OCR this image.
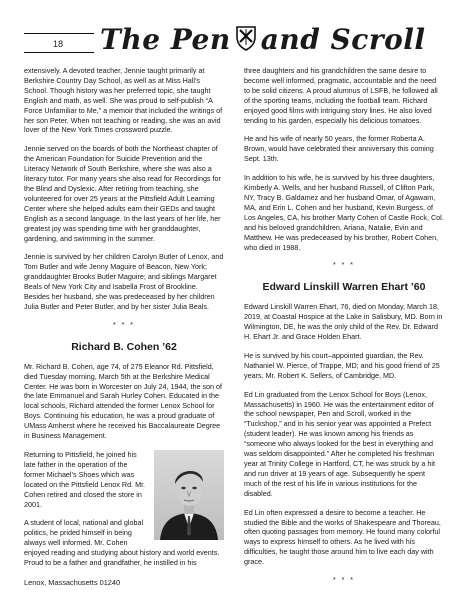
18	The Pen and Scroll

extensively. A devoted teacher, Jennie taught primarily at Berkshire Country Day School, as well as at Miss Hall’s School. Though history was her preferred topic, she taught English and math, as well. She was proud to self-publish “A Force Unfamiliar to Me,” a memoir that included the writings of her son Peter. When not teaching or reading, she was an avid lover of the New York Times crossword puzzle.

Jennie served on the boards of both the Northeast chapter of the American Foundation for Suicide Prevention and the Literacy Network of South Berkshire, where she was also a literacy tutor. For many years she also read for Recordings for the Blind and Dyslexic. After retiring from teaching, she volunteered for over 25 years at the Pittsfield Adult Learning Center where she helped adults earn their GEDs and taught English as a second language. In the last years of her life, her greatest joy was spending time with her granddaughter, gardening, and swimming in the summer.

Jennie is survived by her children Carolyn Butler of Lenox, and Tom Butler and wife Jenny Maguire of Beacon, New York; granddaughter Brooks Butler Maguire; and siblings Margaret Beals of New York City and Isabella Frost of Brookline. Besides her husband, she was predeceased by her children Julia Butler and Peter Butler, and by her sister Julia Beals.

* * *
Richard B. Cohen ’62

Mr. Richard B. Cohen, age 74, of 275 Eleanor Rd. Pittsfield, died Tuesday morning, March 5th at the Berkshire Medical Center. He was born in Worcester on July 24, 1944, the son of the late Emmanuel and Sarah Hurley Cohen. Educated in the local schools, Richard attended the former Lenox School for Boys. Continuing his education, he was a proud graduate of UMass Amherst where he received his Baccalaureate Degree in Business Management.

Returning to Pittsfield, he joined his late father in the operation of the former Michael’s Shoes which was located on the Pittsfield Lenox Rd. Mr. Cohen retired and closed the store in 2001.

A student of local, national and global politics, he prided himself in being always well informed. Mr. Cohen enjoyed reading and studying about history and world events. Proud to be a father and grandfather, he instilled in his

three daughters and his grandchildren the same desire to become well informed, pragmatic, accountable and the need to be solid citizens. A proud alumnus of LSFB, he followed all of the sporting teams, including the football team. Richard enjoyed good films with intriguing story lines. He also loved tending to his garden, especially his delicious tomatoes.

He and his wife of nearly 50 years, the former Roberta A. Brown, would have celebrated their anniversary this coming Sept. 13th.

In addition to his wife, he is survived by his three daughters, Kimberly A. Wells, and her husband Russell, of Clifton Park, NY, Tracy B. Galdamez and her husband Omar, of Agawam, MA, and Erin L. Cohen and her husband, Kevin Burgess, of Los Angeles, CA, his brother Marty Cohen of Castle Rock, Col. and his beloved grandchildren, Ariana, Natalie, Evin and Matthew. He was predeceased by his brother, Robert Cohen, who died in 1988.

* * *
Edward Linskill Warren Ehart ’60

Edward Linskill Warren Ehart, 76, died on Monday, March 18, 2019, at Coastal Hospice at the Lake in Salisbury, MD. Born in Wilmington, DE, he was the only child of the Rev. Dr. Edward H. Ehart Jr. and Grace Holden Ehart.

He is survived by his court–appointed guardian, the Rev. Nathaniel W. Pierce, of Trappe, MD; and his good friend of 25 years, Mr. Robert K. Sellers, of Cambridge, MD.

Ed Lin graduated from the Lenox School for Boys (Lenox, Massachusetts) in 1960. He was the entertainment editor of the school newspaper, Pen and Scroll, worked in the “Tuckshop,” and in his senior year was appointed a Prefect (student leader). He was known among his friends as “someone who always looked for the best in everything and was seldom disappointed.” After he completed his freshman year at Trinity College in Hartford, CT, he was struck by a hit and run driver at 19 years of age. Subsequently he spent much of the rest of his life in various institutions for the disabled.

Ed Lin often expressed a desire to become a teacher. He studied the Bible and the works of Shakespeare and Thoreau, often quoting passages from memory. He found many colorful ways to express himself to others. As he lived with his difficulties, he taught those around him to live each day with grace.

* * *
Lenox, Massachusetts 01240
